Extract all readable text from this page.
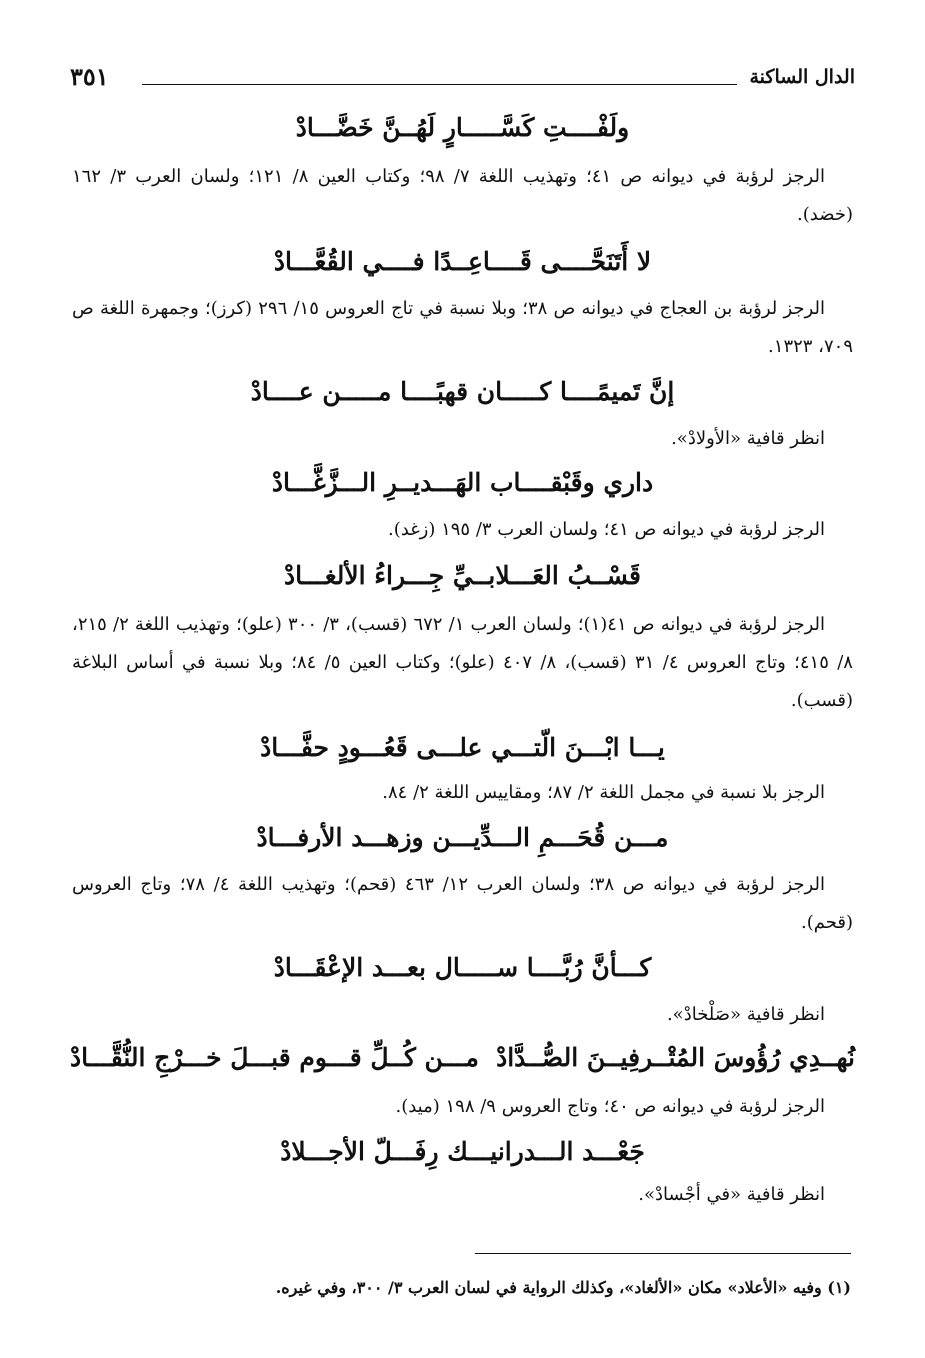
الدال الساكنة
٣٥١
ولَفْــــتِ كَسَّـــــارٍ لَهُــنَّ خَضَّـــادْ
الرجز لرؤبة في ديوانه ص ٤١؛ وتهذيب اللغة ٧/ ٩٨؛ وكتاب العين ٨/ ١٢١؛ ولسان العرب ٣/ ١٦٢ (خضد).
لا أَتَنَحَّــــى قَــــاعِــدًا فــــي القُعَّـــادْ
الرجز لرؤبة بن العجاج في ديوانه ص ٣٨؛ وبلا نسبة في تاج العروس ١٥/ ٢٩٦ (كرز)؛ وجمهرة اللغة ص ٧٠٩، ١٣٢٣.
إنَّ تَميمًــــا كـــــان قهبًــــا مـــــن عــــادْ
انظر قافية «الأولادْ».
داري وقَبْقــــاب الهَـــديــرِ الـــزَّغَّـــادْ
الرجز لرؤبة في ديوانه ص ٤١؛ ولسان العرب ٣/ ١٩٥ (زغد).
قَسْــبُ العَـــلابــيِّ جِـــراءُ الألغـــادْ
الرجز لرؤبة في ديوانه ص ٤١(١)؛ ولسان العرب ١/ ٦٧٢ (قسب)، ٣/ ٣٠٠ (علو)؛ وتهذيب اللغة ٢/ ٢١٥، ٨/ ٤١٥؛ وتاج العروس ٤/ ٣١ (قسب)، ٨/ ٤٠٧ (علو)؛ وكتاب العين ٥/ ٨٤؛ وبلا نسبة في أساس البلاغة (قسب).
يـــا ابْـــنَ الّتـــي علـــى قَعُـــودٍ حفَّـــادْ
الرجز بلا نسبة في مجمل اللغة ٢/ ٨٧؛ ومقاييس اللغة ٢/ ٨٤.
مـــن قُحَـــمِ الـــدِّيـــن وزهـــد الأرفـــادْ
الرجز لرؤبة في ديوانه ص ٣٨؛ ولسان العرب ١٢/ ٤٦٣ (قحم)؛ وتهذيب اللغة ٤/ ٧٨؛ وتاج العروس (قحم).
كـــأنَّ رُبَّــــا ســـــال بعـــد الإعْقَـــادْ
انظر قافية «صَلْخادْ».
نُهــدِي رُؤُوسَ المُتْــرفِيــنَ الصُّــدَّادْ
مـــن كُــلِّ قـــوم قبـــلَ خـــرْجِ النُّقَّـــادْ
الرجز لرؤبة في ديوانه ص ٤٠؛ وتاج العروس ٩/ ١٩٨ (ميد).
جَعْـــد الـــدرانيـــك رِفَـــلّ الأجـــلادْ
انظر قافية «في أجْسادْ».
(١) وفيه «الأعلاد» مكان «الألغاد»، وكذلك الرواية في لسان العرب ٣/ ٣٠٠، وفي غيره.
